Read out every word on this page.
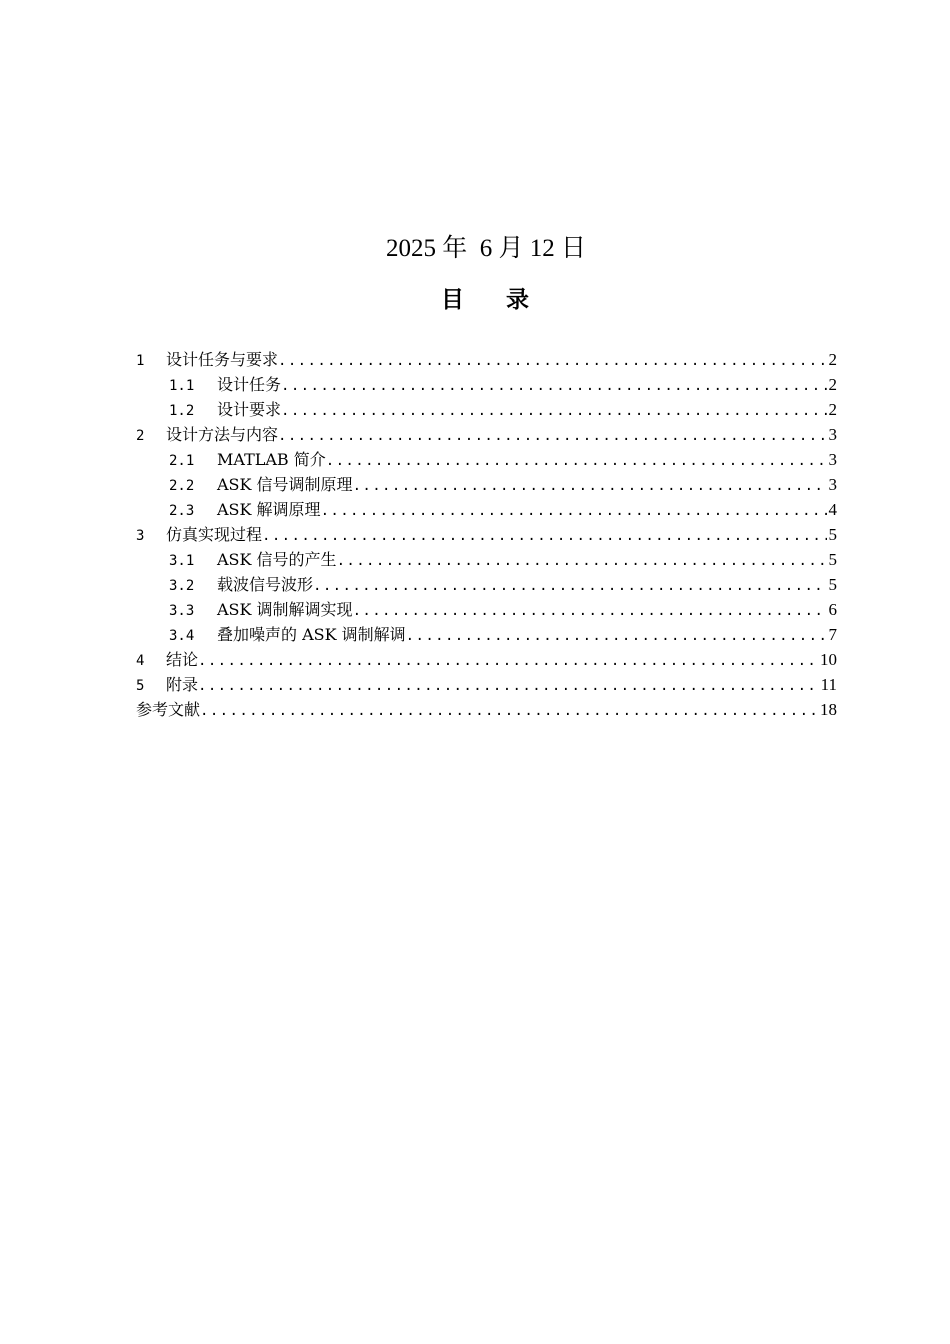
2025 年  6 月 12 日
目    录
1	设计任务与要求 .....	2
1.1	设计任务 .....	2
1.2	设计要求 .....	2
2	设计方法与内容 .....	3
2.1	MATLAB 简介 .....	3
2.2	ASK 信号调制原理 .....	3
2.3	ASK 解调原理 .....	4
3	仿真实现过程 .....	5
3.1	ASK 信号的产生 .....	5
3.2	载波信号波形 .....	5
3.3	ASK 调制解调实现 .....	6
3.4	叠加噪声的 ASK 调制解调 .....	7
4	结论 .....	10
5	附录 .....	11
参考文献 .....	18
